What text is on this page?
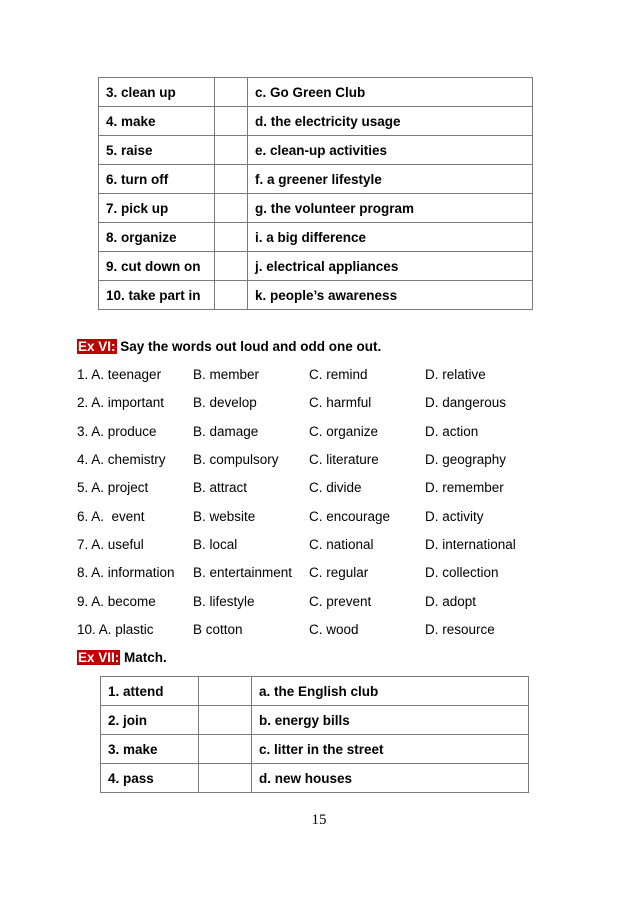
3. clean up		c. Go Green Club
4. make		d. the electricity usage
5. raise		e. clean-up activities
6. turn off		f. a greener lifestyle
7. pick up		g. the volunteer program
8. organize		i. a big difference
9. cut down on		j. electrical appliances
10. take part in		k. people’s awareness
Ex VI: Say the words out loud and odd one out.
1. A. teenager B. member	C. remind	D. relative
2. A. important B. develop	C. harmful	D. dangerous
3. A. produce	B. damage	C. organize	D. action
4. A. chemistry B. compulsory C. literature	D. geography
5. A. project	B. attract	C. divide	D. remember
6. A.  event	B. website	C. encourage	D. activity
7. A. useful	B. local	C. national	D. international
8. A. information B. entertainment C. regular	D. collection
9. A. become	B. lifestyle	C. prevent	D. adopt
10. A. plastic	B cotton	C. wood	D. resource
Ex VII: Match.
1. attend		a. the English club
2. join		b. energy bills
3. make		c. litter in the street
4. pass		d. new houses
15
